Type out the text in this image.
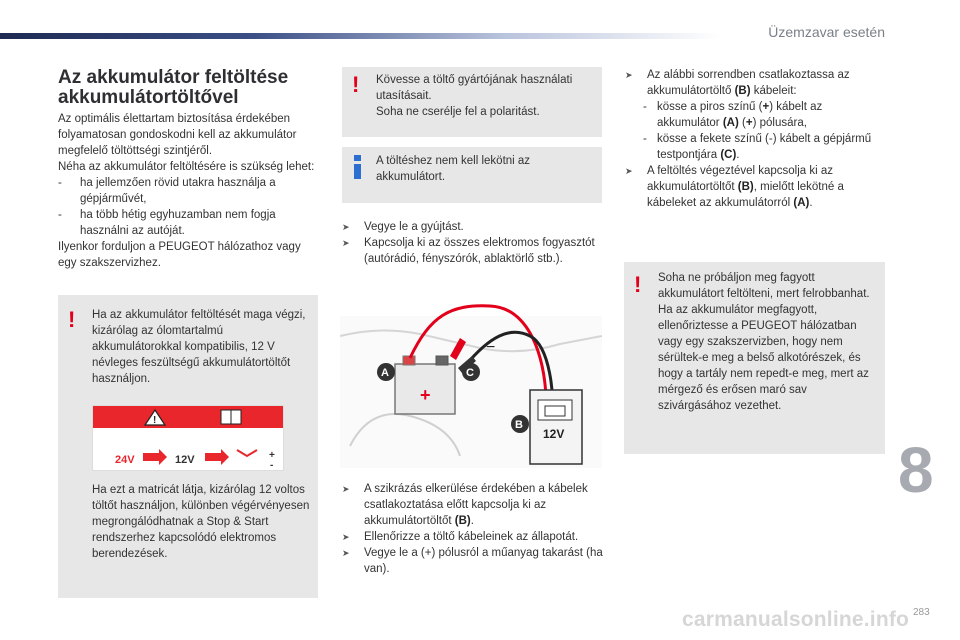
Üzemzavar esetén
Az akkumulátor feltöltése akkumulátortöltővel

Az optimális élettartam biztosítása érdekében folyamatosan gondoskodni kell az akkumulátor megfelelő töltöttségi szintjéről.

Néha az akkumulátor feltöltésére is szükség lehet:

- ha jellemzően rövid utakra használja a gépjárművét,

- ha több hétig egyhuzamban nem fogja használni az autóját.

Ilyenkor forduljon a PEUGEOT hálózathoz vagy egy szakszervizhez.

! Ha az akkumulátor feltöltését maga végzi, kizárólag az ólomtartalmú akkumulátorokkal kompatibilis, 12 V névleges feszültségű akkumulátortöltőt használjon.

!
24V	12V	+
-

Ha ezt a matricát látja, kizárólag 12 voltos töltőt használjon, különben végérvényesen megrongálódhatnak a Stop & Start rendszerhez kapcsolódó elektromos berendezések.

! Kövesse a töltő gyártójának használati utasításait.

Soha ne cserélje fel a polaritást.

A töltéshez nem kell lekötni az akkumulátort.

➤ Vegye le a gyújtást.

➤ Kapcsolja ki az összes elektromos fogyasztót (autórádió, fényszórók, ablaktörlő stb.).

+
−
12V
A	C
B

➤ A szikrázás elkerülése érdekében a kábelek csatlakoztatása előtt kapcsolja ki az akkumulátortöltőt (B).

➤ Ellenőrizze a töltő kábeleinek az állapotát.

➤ Vegye le a (+) pólusról a műanyag takarást (ha van).

➤ Az alábbi sorrendben csatlakoztassa az akkumulátortöltő (B) kábeleit:

- kösse a piros színű (+) kábelt az akkumulátor (A) (+) pólusára,

- kösse a fekete színű (-) kábelt a gépjármű testpontjára (C).

➤ A feltöltés végeztével kapcsolja ki az akkumulátortöltőt (B), mielőtt lekötné a kábeleket az akkumulátorról (A).

! Soha ne próbáljon meg fagyott akkumulátort feltölteni, mert felrobbanhat.

Ha az akkumulátor megfagyott, ellenőriztesse a PEUGEOT hálózatban vagy egy szakszervizben, hogy nem sérültek-e meg a belső alkotórészek, és hogy a tartály nem repedt-e meg, mert az mérgező és erősen maró sav szivárgásához vezethet.

8
carmanualsonline.info 283
